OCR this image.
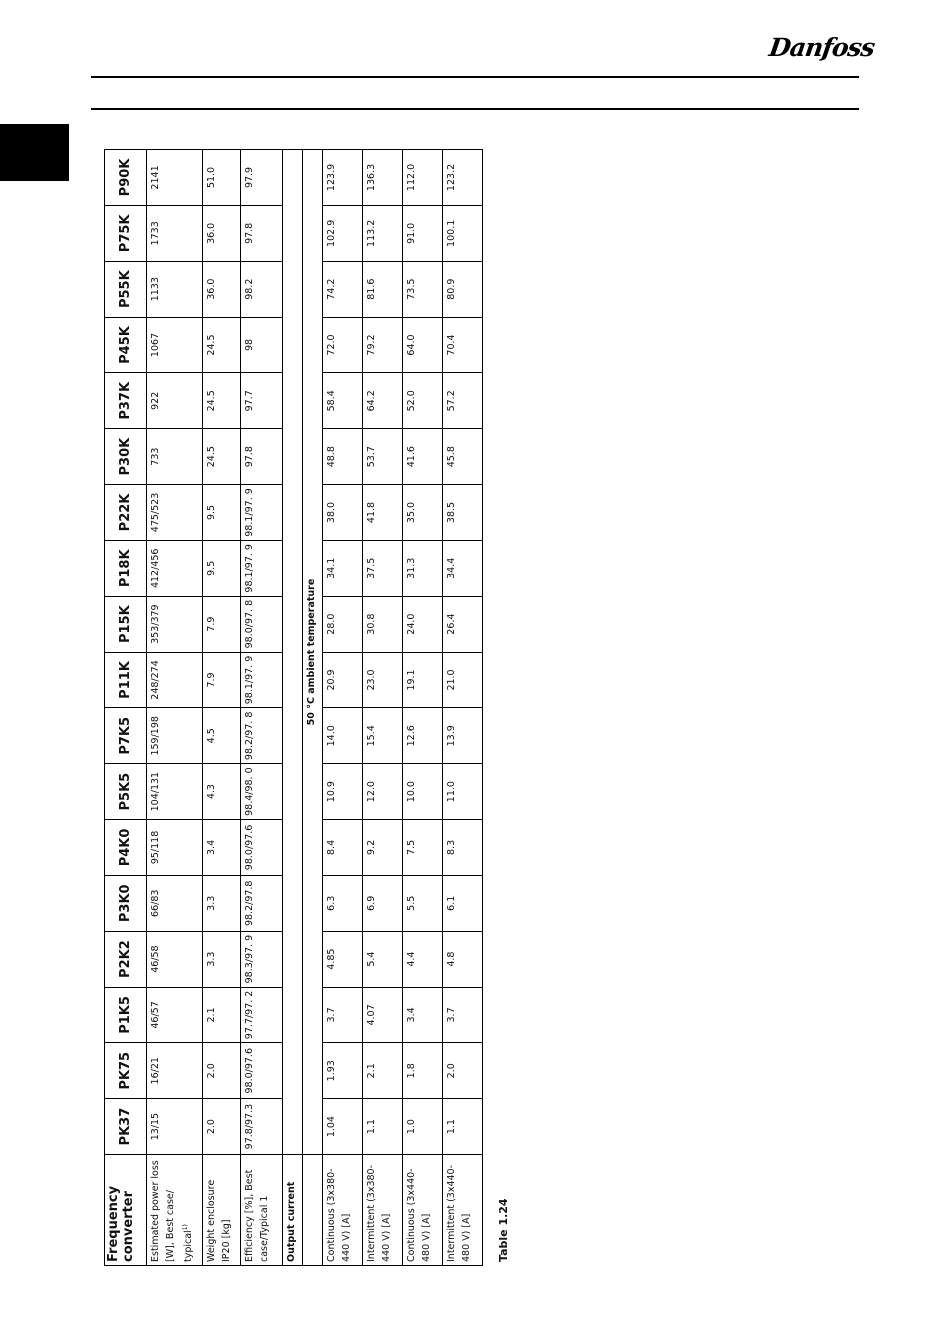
Danfoss
Frequency converter	PK37	PK75	P1K5	P2K2	P3K0	P4K0	P5K5	P7K5	P11K	P15K	P18K	P22K	P30K	P37K	P45K	P55K	P75K	P90K
Estimated power loss [W], Best case/ typical$^{1)}$	13/15	16/21	46/57	46/58	66/83	95/118	104/131	159/198	248/274	353/379	412/456	475/523	733	922	1067	1133	1733	2141
Weight enclosure IP20 [kg]	2.0	2.0	2.1	3.3	3.3	3.4	4.3	4.5	7.9	7.9	9.5	9.5	24.5	24.5	24.5	36.0	36.0	51.0
Efficiency [%], Best case/Typical 1	97.8/97.3	98.0/97.6	97.7/97. 2	98.3/97. 9	98.2/97.8	98.0/97.6	98.4/98. 0	98.2/97. 8	98.1/97. 9	98.0/97. 8	98.1/97. 9	98.1/97. 9	97.8	97.7	98	98.2	97.8	97.9
Output current																		
	50 °C ambient temperature																	
Continuous (3x380-440 V) [A]	1.04	1.93	3.7	4.85	6.3	8.4	10.9	14.0	20.9	28.0	34.1	38.0	48.8	58.4	72.0	74.2	102.9	123.9
Intermittent (3x380-440 V) [A]	1.1	2.1	4.07	5.4	6.9	9.2	12.0	15.4	23.0	30.8	37.5	41.8	53.7	64.2	79.2	81.6	113.2	136.3
Continuous (3x440-480 V) [A]	1.0	1.8	3.4	4.4	5.5	7.5	10.0	12.6	19.1	24.0	31.3	35.0	41.6	52.0	64.0	73.5	91.0	112.0
Intermittent (3x440-480 V) [A]	1.1	2.0	3.7	4.8	6.1	8.3	11.0	13.9	21.0	26.4	34.4	38.5	45.8	57.2	70.4	80.9	100.1	123.2
Table 1.24
